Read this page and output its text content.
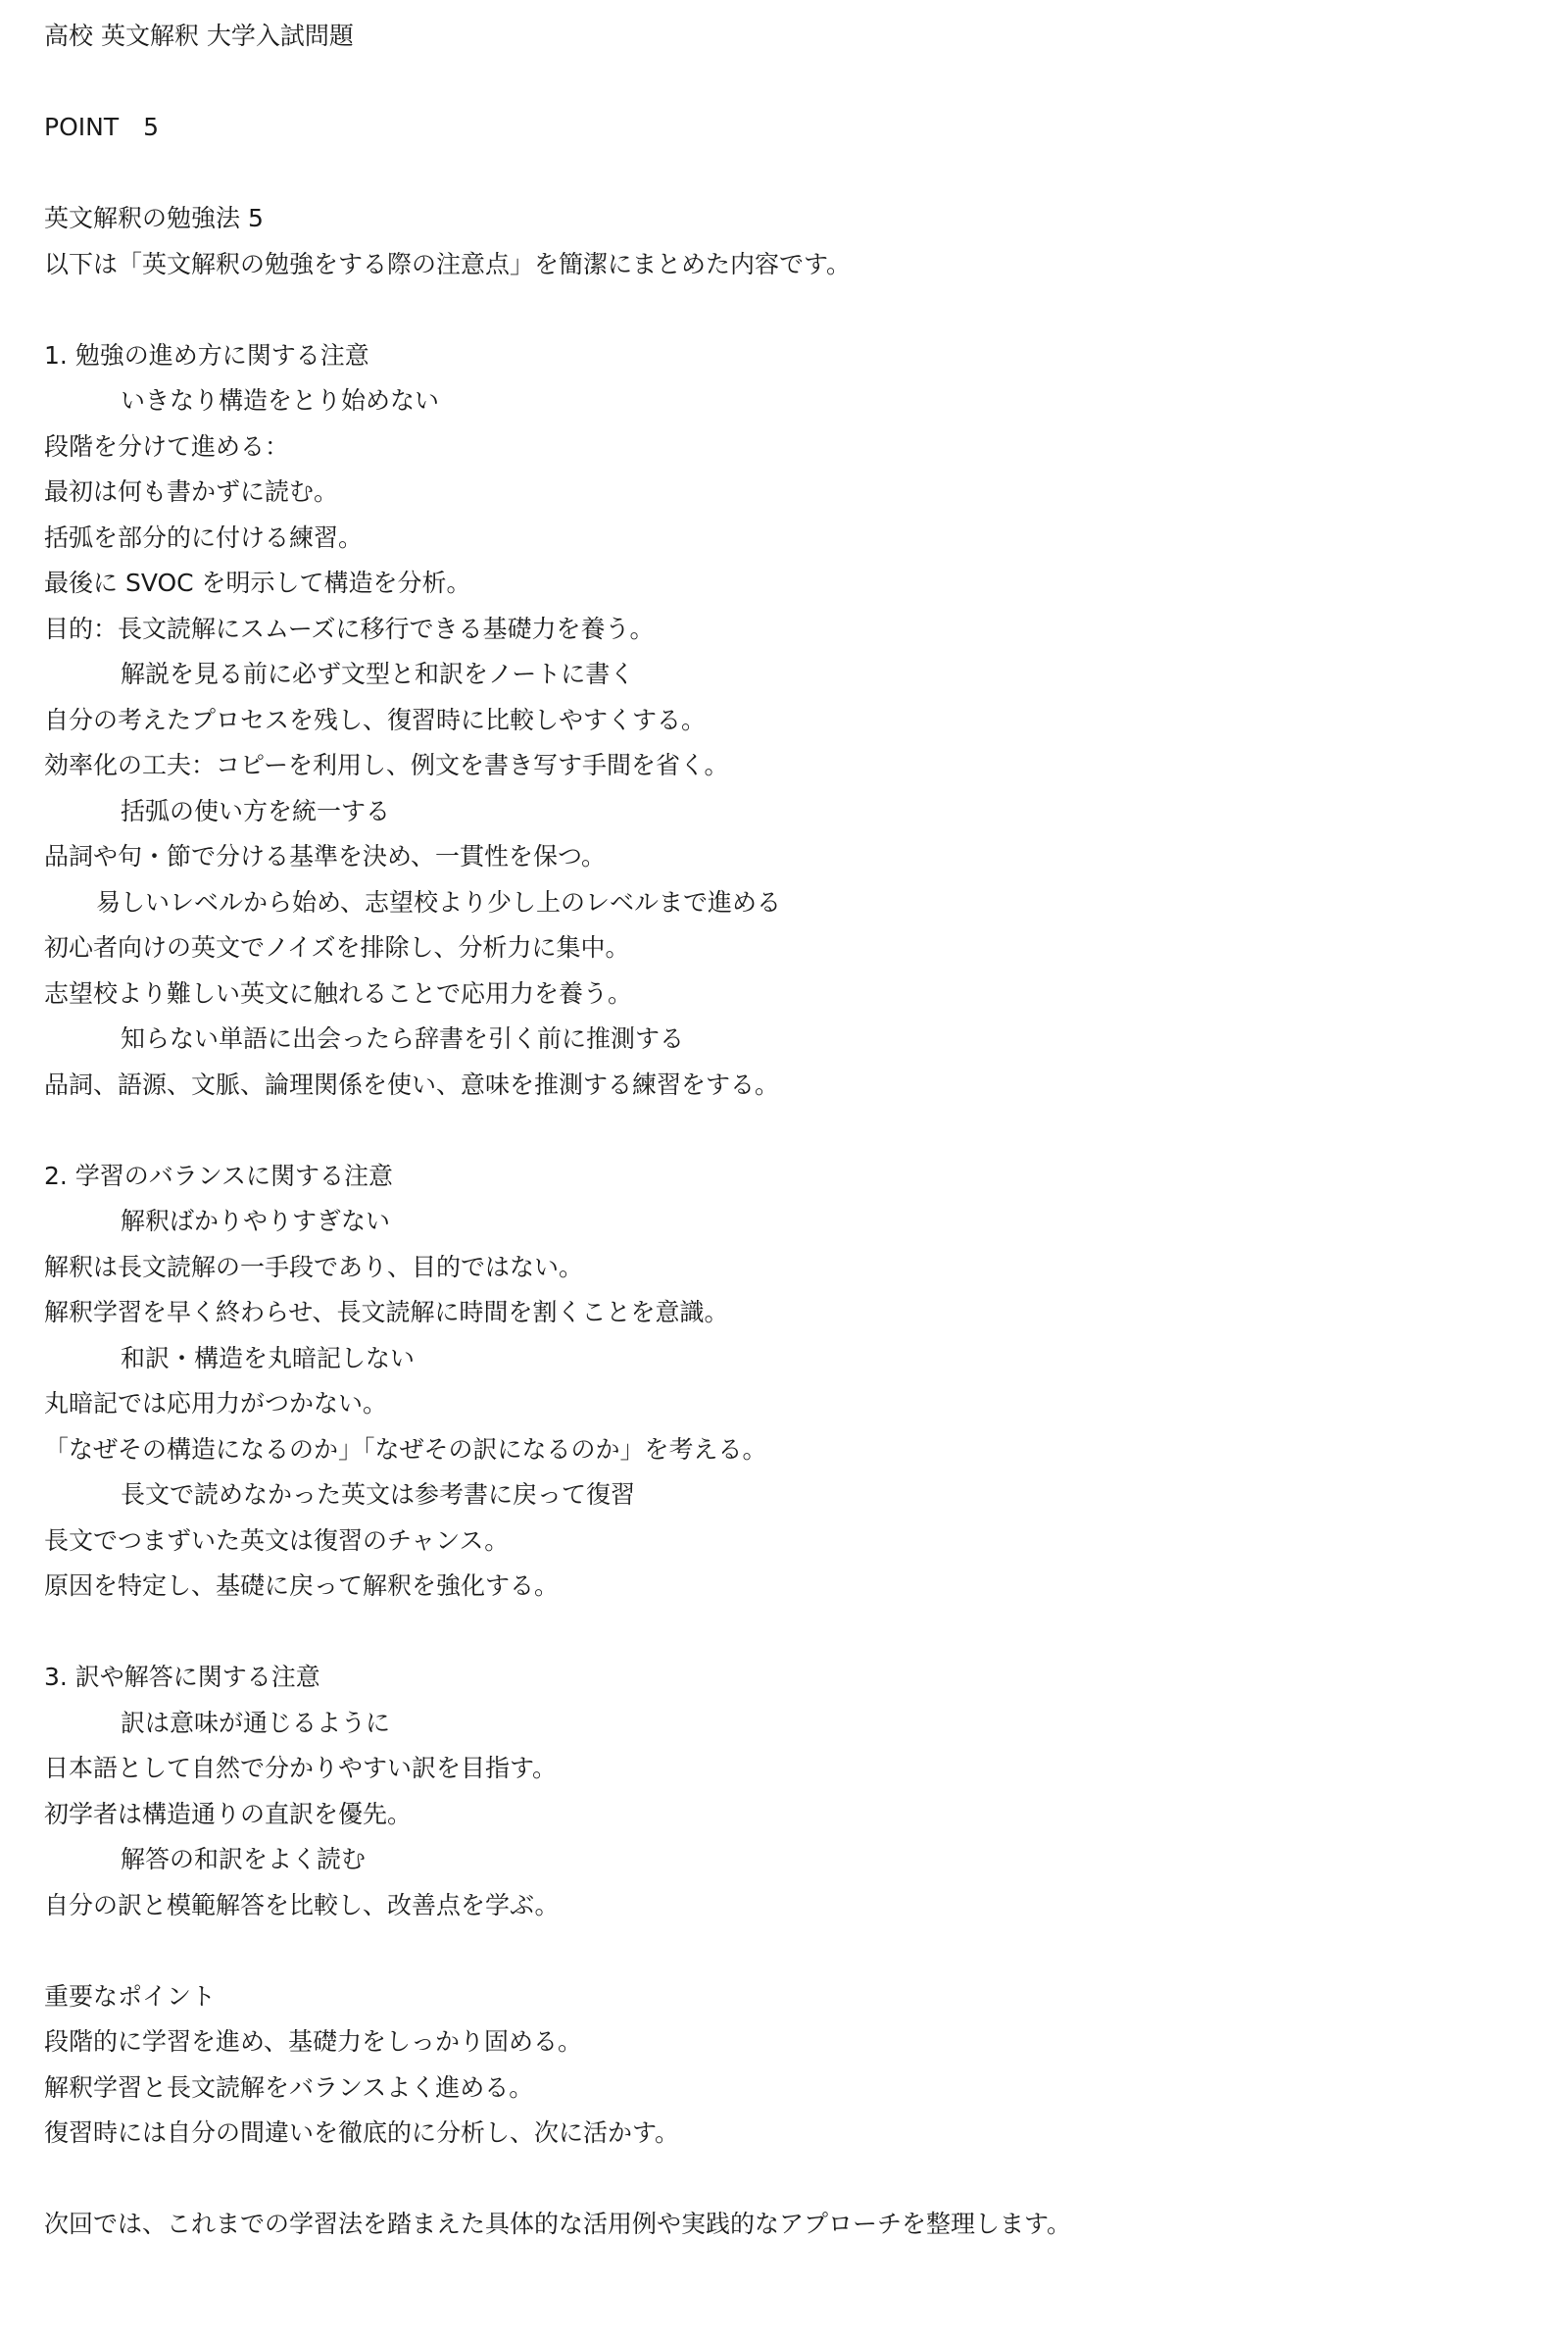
高校 英文解釈 大学入試問題
POINT　5
英文解釈の勉強法 5
以下は「英文解釈の勉強をする際の注意点」を簡潔にまとめた内容です。
1. 勉強の進め方に関する注意
いきなり構造をとり始めない
段階を分けて進める：
最初は何も書かずに読む。
括弧を部分的に付ける練習。
最後に SVOC を明示して構造を分析。
目的：長文読解にスムーズに移行できる基礎力を養う。
解説を見る前に必ず文型と和訳をノートに書く
自分の考えたプロセスを残し、復習時に比較しやすくする。
効率化の工夫：コピーを利用し、例文を書き写す手間を省く。
括弧の使い方を統一する
品詞や句・節で分ける基準を決め、一貫性を保つ。
易しいレベルから始め、志望校より少し上のレベルまで進める
初心者向けの英文でノイズを排除し、分析力に集中。
志望校より難しい英文に触れることで応用力を養う。
知らない単語に出会ったら辞書を引く前に推測する
品詞、語源、文脈、論理関係を使い、意味を推測する練習をする。
2. 学習のバランスに関する注意
解釈ばかりやりすぎない
解釈は長文読解の一手段であり、目的ではない。
解釈学習を早く終わらせ、長文読解に時間を割くことを意識。
和訳・構造を丸暗記しない
丸暗記では応用力がつかない。
「なぜその構造になるのか」「なぜその訳になるのか」を考える。
長文で読めなかった英文は参考書に戻って復習
長文でつまずいた英文は復習のチャンス。
原因を特定し、基礎に戻って解釈を強化する。
3. 訳や解答に関する注意
訳は意味が通じるように
日本語として自然で分かりやすい訳を目指す。
初学者は構造通りの直訳を優先。
解答の和訳をよく読む
自分の訳と模範解答を比較し、改善点を学ぶ。
重要なポイント
段階的に学習を進め、基礎力をしっかり固める。
解釈学習と長文読解をバランスよく進める。
復習時には自分の間違いを徹底的に分析し、次に活かす。
次回では、これまでの学習法を踏まえた具体的な活用例や実践的なアプローチを整理します。
